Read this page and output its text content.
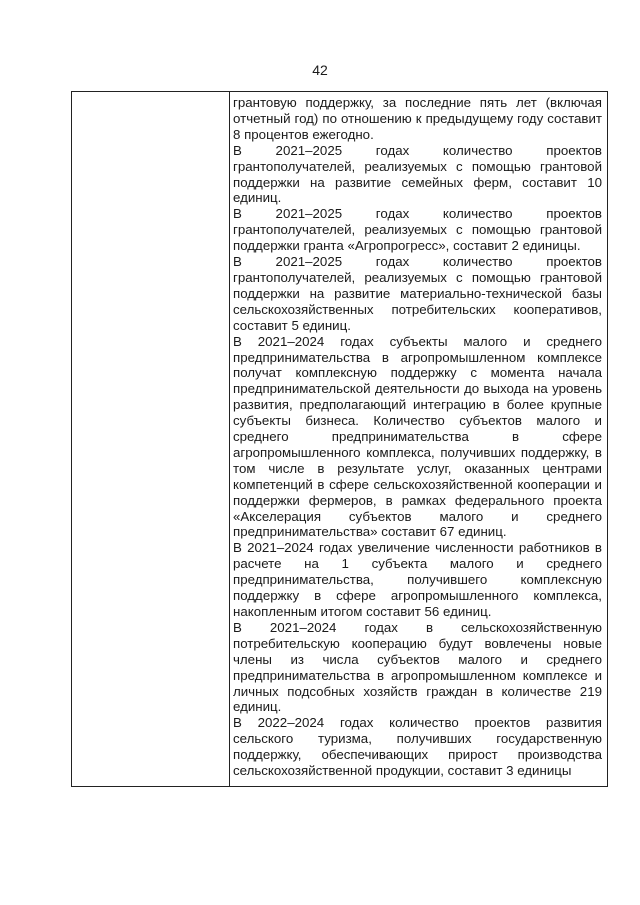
42

грантовую поддержку, за последние пять лет (включая отчетный год) по отношению к предыдущему году составит 8 процентов ежегодно.

В 2021–2025 годах количество проектов грантополучателей, реализуемых с помощью грантовой поддержки на развитие семейных ферм, составит 10 единиц.

В 2021–2025 годах количество проектов грантополучателей, реализуемых с помощью грантовой поддержки гранта «Агропрогресс», составит 2 единицы.

В 2021–2025 годах количество проектов грантополучателей, реализуемых с помощью грантовой поддержки на развитие материально-технической базы сельскохозяйственных потребительских кооперативов, составит 5 единиц.

В 2021–2024 годах субъекты малого и среднего предпринимательства в агропромышленном комплексе получат комплексную поддержку с момента начала предпринимательской деятельности до выхода на уровень развития, предполагающий интеграцию в более крупные субъекты бизнеса. Количество субъектов малого и среднего предпринимательства в сфере агропромышленного комплекса, получивших поддержку, в том числе в результате услуг, оказанных центрами компетенций в сфере сельскохозяйственной кооперации и поддержки фермеров, в рамках федерального проекта «Акселерация субъектов малого и среднего предпринимательства» составит 67 единиц.

В 2021–2024 годах увеличение численности работников в расчете на 1 субъекта малого и среднего предпринимательства, получившего комплексную поддержку в сфере агропромышленного комплекса, накопленным итогом составит 56 единиц.

В 2021–2024 годах в сельскохозяйственную потребительскую кооперацию будут вовлечены новые члены из числа субъектов малого и среднего предпринимательства в агропромышленном комплексе и личных подсобных хозяйств граждан в количестве 219 единиц.

В 2022–2024 годах количество проектов развития сельского туризма, получивших государственную поддержку, обеспечивающих прирост производства сельскохозяйственной продукции, составит 3 единицы
